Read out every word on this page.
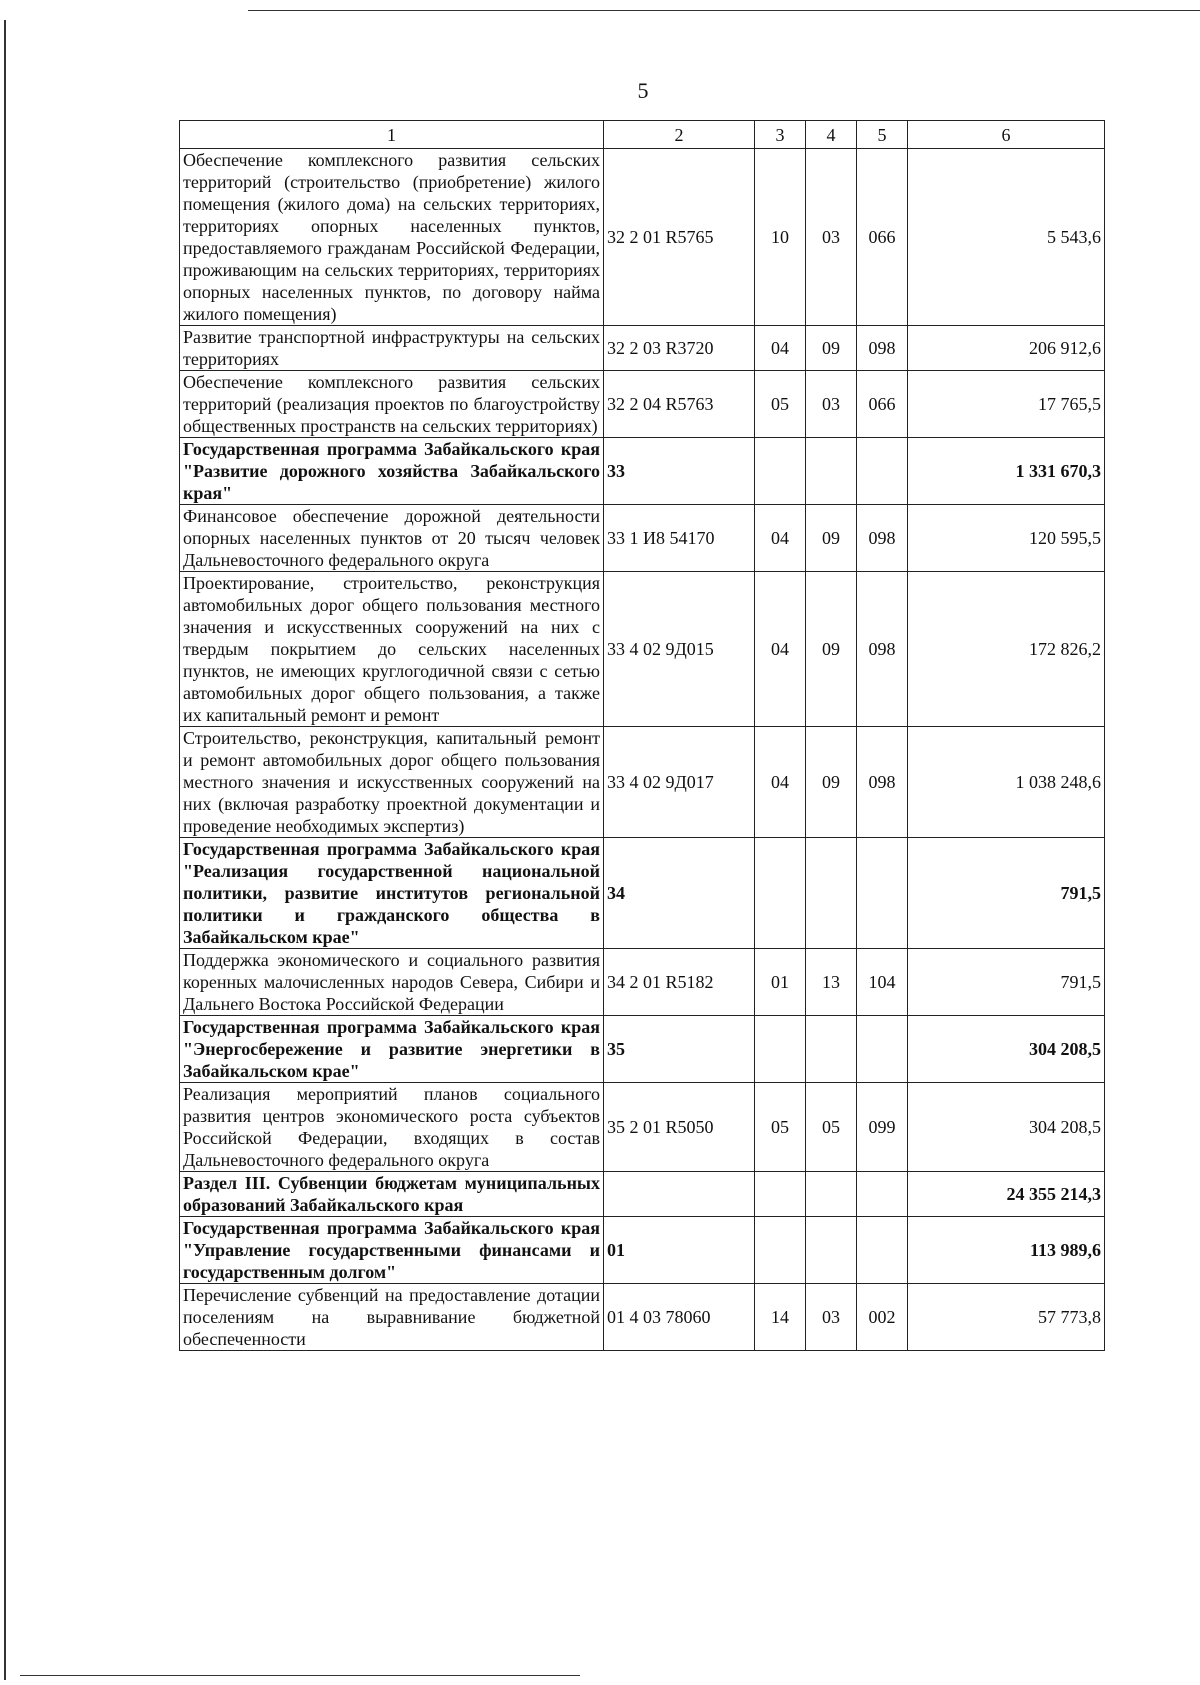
5
1	2	3	4	5	6
Обеспечение комплексного развития сельских территорий (строительство (приобретение) жилого помещения (жилого дома) на сельских территориях, территориях опорных населенных пунктов, предоставляемого гражданам Российской Федерации, проживающим на сельских территориях, территориях опорных населенных пунктов, по договору найма жилого помещения)	32 2 01 R5765	10	03	066	5 543,6
Развитие транспортной инфраструктуры на сельских территориях	32 2 03 R3720	04	09	098	206 912,6
Обеспечение комплексного развития сельских территорий (реализация проектов по благоустройству общественных пространств на сельских территориях)	32 2 04 R5763	05	03	066	17 765,5
Государственная программа Забайкальского края "Развитие дорожного хозяйства Забайкальского края"	33				1 331 670,3
Финансовое обеспечение дорожной деятельности опорных населенных пунктов от 20 тысяч человек Дальневосточного федерального округа	33 1 И8 54170	04	09	098	120 595,5
Проектирование, строительство, реконструкция автомобильных дорог общего пользования местного значения и искусственных сооружений на них с твердым покрытием до сельских населенных пунктов, не имеющих круглогодичной связи с сетью автомобильных дорог общего пользования, а также их капитальный ремонт и ремонт	33 4 02 9Д015	04	09	098	172 826,2
Строительство, реконструкция, капитальный ремонт и ремонт автомобильных дорог общего пользования местного значения и искусственных сооружений на них (включая разработку проектной документации и проведение необходимых экспертиз)	33 4 02 9Д017	04	09	098	1 038 248,6
Государственная программа Забайкальского края "Реализация государственной национальной политики, развитие институтов региональной политики и гражданского общества в Забайкальском крае"	34				791,5
Поддержка экономического и социального развития коренных малочисленных народов Севера, Сибири и Дальнего Востока Российской Федерации	34 2 01 R5182	01	13	104	791,5
Государственная программа Забайкальского края "Энергосбережение и развитие энергетики в Забайкальском крае"	35				304 208,5
Реализация мероприятий планов социального развития центров экономического роста субъектов Российской Федерации, входящих в состав Дальневосточного федерального округа	35 2 01 R5050	05	05	099	304 208,5
Раздел III. Субвенции бюджетам муниципальных образований Забайкальского края					24 355 214,3
Государственная программа Забайкальского края "Управление государственными финансами и государственным долгом"	01				113 989,6
Перечисление субвенций на предоставление дотации поселениям на выравнивание бюджетной обеспеченности	01 4 03 78060	14	03	002	57 773,8
